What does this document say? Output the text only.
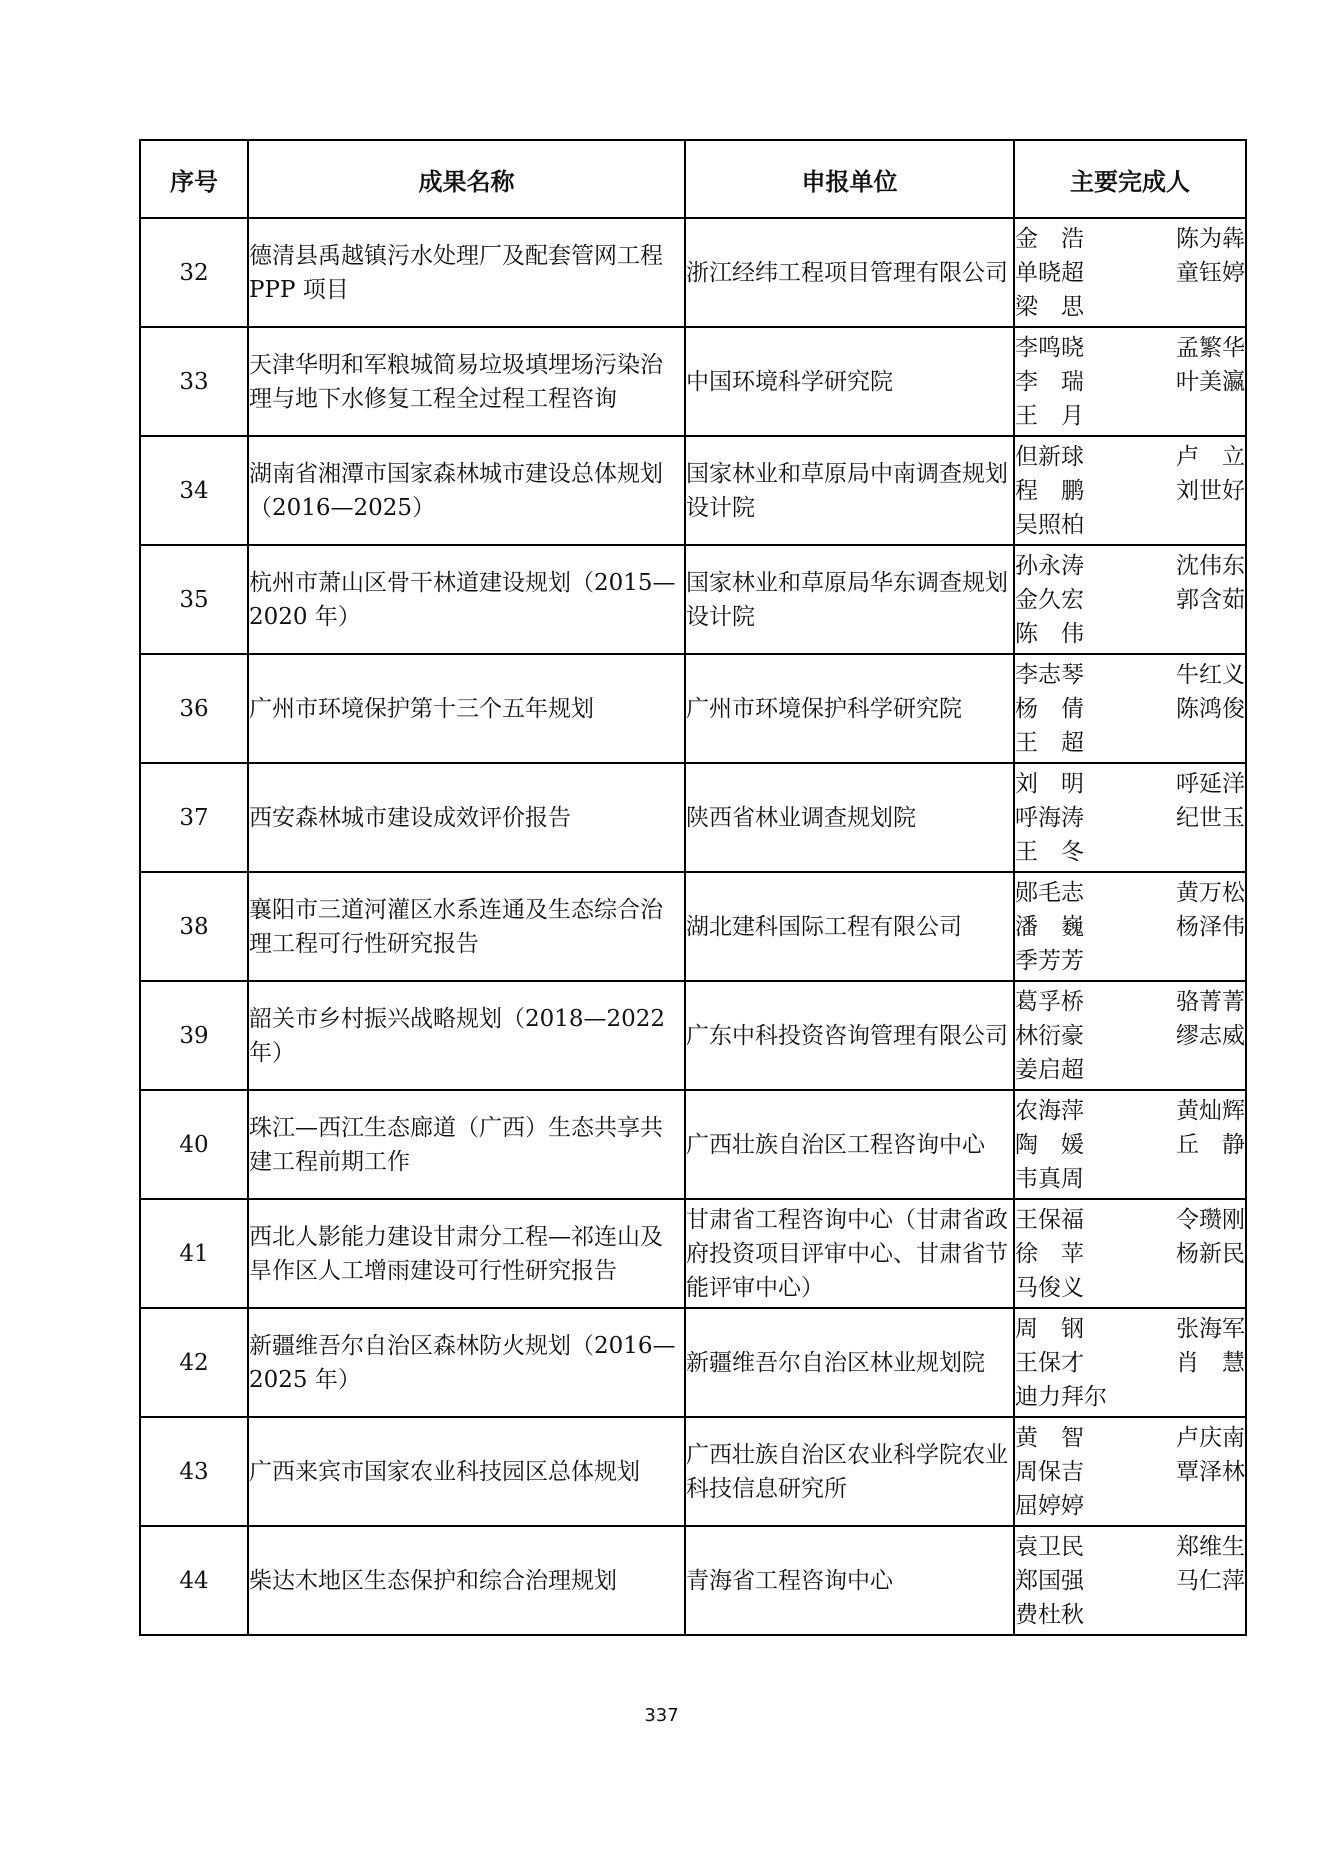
序号	成果名称	申报单位	主要完成人
32	德清县禹越镇污水处理厂及配套管网工程 PPP 项目	浙江经纬工程项目管理有限公司	金　浩 陈为犇
单晓超 童钰婷
梁　思

33	天津华明和军粮城简易垃圾填埋场污染治理与地下水修复工程全过程工程咨询	中国环境科学研究院	李鸣晓 孟繁华
李　瑞 叶美瀛
王　月

34	湖南省湘潭市国家森林城市建设总体规划（2016—2025）	国家林业和草原局中南调查规划设计院	但新球 卢　立
程　鹏 刘世好
吴照柏

35	杭州市萧山区骨干林道建设规划（2015—2020 年）	国家林业和草原局华东调查规划设计院	孙永涛 沈伟东
金久宏 郭含茹
陈　伟

36	广州市环境保护第十三个五年规划	广州市环境保护科学研究院	李志琴 牛红义
杨　倩 陈鸿俊
王　超

37	西安森林城市建设成效评价报告	陕西省林业调查规划院	刘　明 呼延洋
呼海涛 纪世玉
王　冬

38	襄阳市三道河灌区水系连通及生态综合治理工程可行性研究报告	湖北建科国际工程有限公司	郧毛志 黄万松
潘　巍 杨泽伟
季芳芳

39	韶关市乡村振兴战略规划（2018—2022 年）	广东中科投资咨询管理有限公司	葛孚桥 骆菁菁
林衍豪 缪志威
姜启超

40	珠江—西江生态廊道（广西）生态共享共建工程前期工作	广西壮族自治区工程咨询中心	农海萍 黄灿辉
陶　媛 丘　静
韦真周

41	西北人影能力建设甘肃分工程—祁连山及旱作区人工增雨建设可行性研究报告	甘肃省工程咨询中心（甘肃省政府投资项目评审中心、甘肃省节能评审中心）	王保福 令瓒刚
徐　苹 杨新民
马俊义

42	新疆维吾尔自治区森林防火规划（2016—2025 年）	新疆维吾尔自治区林业规划院	周　钢 张海军
王保才 肖　慧
迪力拜尔

43	广西来宾市国家农业科技园区总体规划	广西壮族自治区农业科学院农业科技信息研究所	黄　智 卢庆南
周保吉 覃泽林
屈婷婷

44	柴达木地区生态保护和综合治理规划	青海省工程咨询中心	袁卫民 郑维生
郑国强 马仁萍
费杜秋
337
